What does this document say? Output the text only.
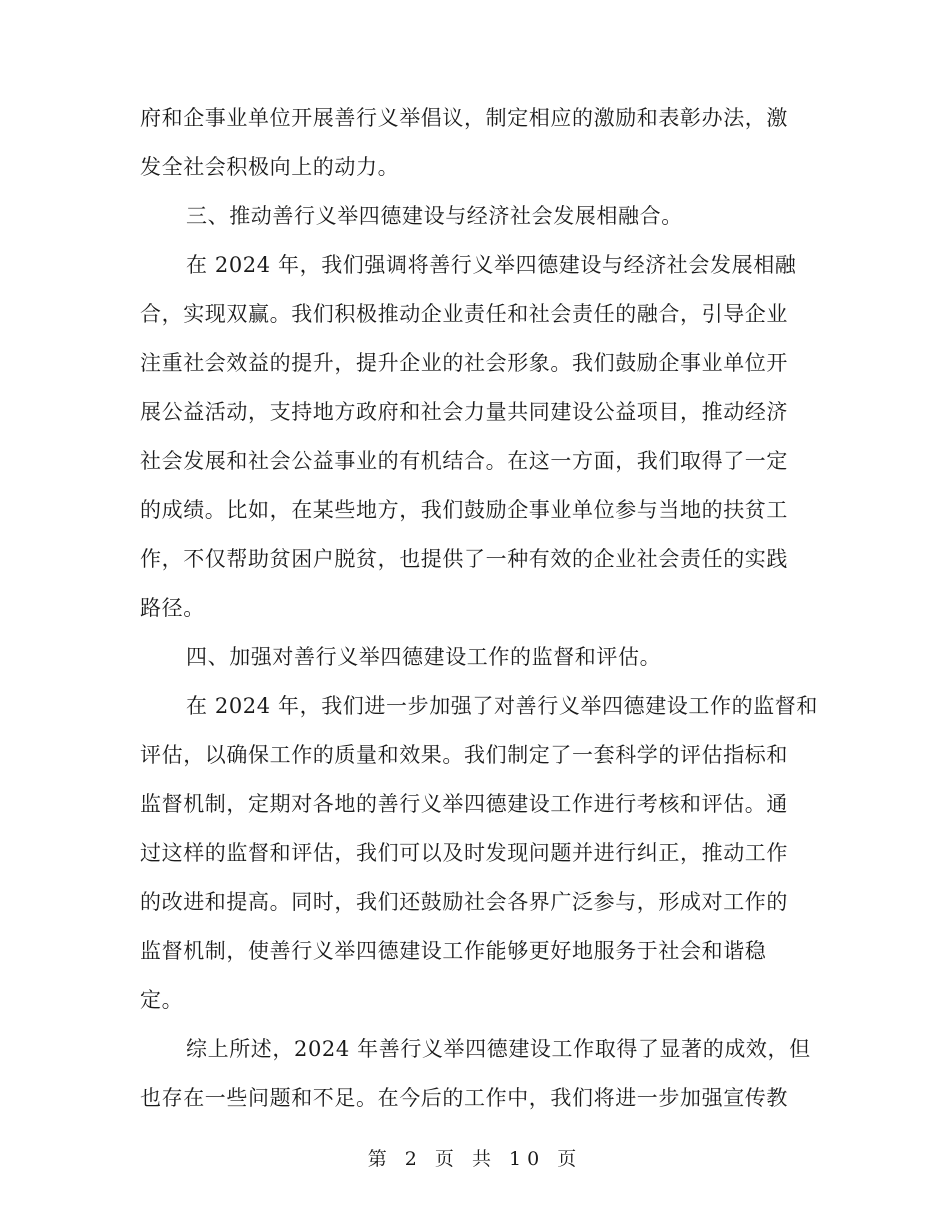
府和企事业单位开展善行义举倡议，制定相应的激励和表彰办法，激
发全社会积极向上的动力。
三、推动善行义举四德建设与经济社会发展相融合。
在 2024 年，我们强调将善行义举四德建设与经济社会发展相融
合，实现双赢。我们积极推动企业责任和社会责任的融合，引导企业
注重社会效益的提升，提升企业的社会形象。我们鼓励企事业单位开
展公益活动，支持地方政府和社会力量共同建设公益项目，推动经济
社会发展和社会公益事业的有机结合。在这一方面，我们取得了一定
的成绩。比如，在某些地方，我们鼓励企事业单位参与当地的扶贫工
作，不仅帮助贫困户脱贫，也提供了一种有效的企业社会责任的实践
路径。
四、加强对善行义举四德建设工作的监督和评估。
在 2024 年，我们进一步加强了对善行义举四德建设工作的监督和
评估，以确保工作的质量和效果。我们制定了一套科学的评估指标和
监督机制，定期对各地的善行义举四德建设工作进行考核和评估。通
过这样的监督和评估，我们可以及时发现问题并进行纠正，推动工作
的改进和提高。同时，我们还鼓励社会各界广泛参与，形成对工作的
监督机制，使善行义举四德建设工作能够更好地服务于社会和谐稳
定。
综上所述，2024 年善行义举四德建设工作取得了显著的成效，但
也存在一些问题和不足。在今后的工作中，我们将进一步加强宣传教
第 2 页 共 10 页
